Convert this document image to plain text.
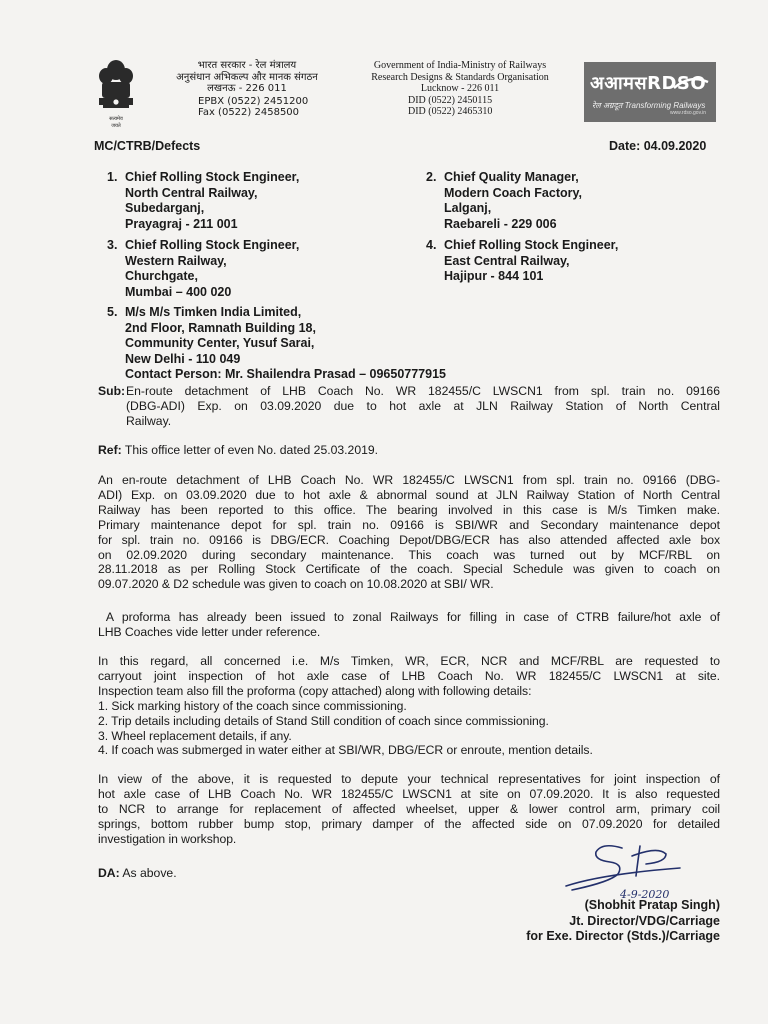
सत्यमेव
जयते
भारत सरकार - रेल मंत्रालय
अनुसंधान अभिकल्प और मानक संगठन
लखनऊ - 226 011
EPBX (0522) 2451200
Fax (0522) 2458500
Government of India-Ministry of Railways
Research Designs & Standards Organisation
Lucknow - 226 011
DID (0522) 2450115
DID (0522) 2465310
अआमसRDSO
रेल अग्रदूत Transforming Railways
www.rdso.gov.in
MC/CTRB/Defects	Date: 04.09.2020
1. Chief Rolling Stock Engineer,
North Central Railway,
Subedarganj,
Prayagraj - 211 001
2. Chief Quality Manager,
Modern Coach Factory,
Lalganj,
Raebareli - 229 006
3. Chief Rolling Stock Engineer,
Western Railway,
Churchgate,
Mumbai – 400 020
4. Chief Rolling Stock Engineer,
East Central Railway,
Hajipur - 844 101
5. M/s M/s Timken India Limited,
2nd Floor, Ramnath Building 18,
Community Center, Yusuf Sarai,
New Delhi - 110 049
Contact Person: Mr. Shailendra Prasad – 09650777915
Sub: En-route detachment of LHB Coach No. WR 182455/C LWSCN1 from spl. train no. 09166
(DBG-ADI) Exp. on 03.09.2020 due to hot axle at JLN Railway Station of North Central
Railway.
Ref: This office letter of even No. dated 25.03.2019.
An en-route detachment of LHB Coach No. WR 182455/C LWSCN1 from spl. train no. 09166 (DBG-
ADI) Exp. on 03.09.2020 due to hot axle & abnormal sound at JLN Railway Station of North Central
Railway has been reported to this office. The bearing involved in this case is M/s Timken make.
Primary maintenance depot for spl. train no. 09166 is SBI/WR and Secondary maintenance depot
for spl. train no. 09166 is DBG/ECR. Coaching Depot/DBG/ECR has also attended affected axle box
on 02.09.2020 during secondary maintenance. This coach was turned out by MCF/RBL on
28.11.2018 as per Rolling Stock Certificate of the coach. Special Schedule was given to coach on
09.07.2020 & D2 schedule was given to coach on 10.08.2020 at SBI/ WR.
A proforma has already been issued to zonal Railways for filling in case of CTRB failure/hot axle of
LHB Coaches vide letter under reference.
In this regard, all concerned i.e. M/s Timken, WR, ECR, NCR and MCF/RBL are requested to
carryout joint inspection of hot axle case of LHB Coach No. WR 182455/C LWSCN1 at site.
Inspection team also fill the proforma (copy attached) along with following details:
1. Sick marking history of the coach since commissioning.
2. Trip details including details of Stand Still condition of coach since commissioning.
3. Wheel replacement details, if any.
4. If coach was submerged in water either at SBI/WR, DBG/ECR or enroute, mention details.
In view of the above, it is requested to depute your technical representatives for joint inspection of
hot axle case of LHB Coach No. WR 182455/C LWSCN1 at site on 07.09.2020. It is also requested
to NCR to arrange for replacement of affected wheelset, upper & lower control arm, primary coil
springs, bottom rubber bump stop, primary damper of the affected side on 07.09.2020 for detailed
investigation in workshop.
DA: As above.
4-9-2020
(Shobhit Pratap Singh)
Jt. Director/VDG/Carriage
for Exe. Director (Stds.)/Carriage
